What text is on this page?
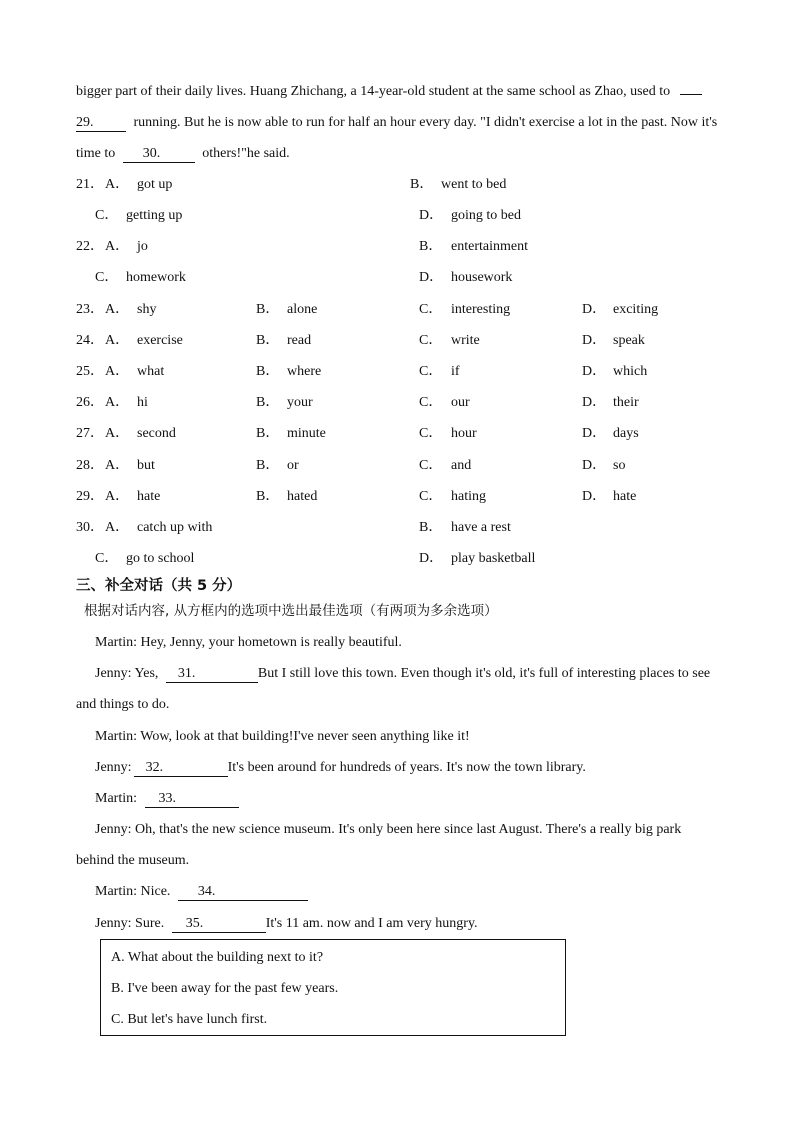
bigger part of their daily lives. Huang Zhichang, a 14-year-old student at the same school as Zhao, used to
29.	running. But he is now able to run for half an hour every day. "I didn't exercise a lot in the past. Now it's
time to 30.	others!"he said.
21． A． got up	B． went to bed
C． getting up	D． going to bed
22． A． jo	B． entertainment
C． homework	D． housework
23． A． shy	B． alone	C． interesting	D． exciting
24． A． exercise	B． read	C． write	D． speak
25． A． what	B． where	C． if	D． which
26． A． hi	B． your	C． our	D． their
27． A． second	B． minute	C． hour	D． days
28． A． but	B． or	C． and	D． so
29． A． hate	B． hated	C． hating	D． hate
30． A． catch up with	B． have a rest
C． go to school	D． play basketball
三、补全对话（共 5 分）
根据对话内容, 从方框内的选项中选出最佳选项（有两项为多余选项）
Martin: Hey, Jenny, your hometown is really beautiful.
Jenny: Yes, 31.	But I still love this town. Even though it's old, it's full of interesting places to see
and things to do.
Martin: Wow, look at that building!I've never seen anything like it!
Jenny: 32.	It's been around for hundreds of years. It's now the town library.
Martin: 33.
Jenny: Oh, that's the new science museum. It's only been here since last August. There's a really big park
behind the museum.
Martin: Nice. 34.
Jenny: Sure. 35.	It's 11 am. now and I am very hungry.
A. What about the building next to it?
B. I've been away for the past few years.
C. But let's have lunch first.
